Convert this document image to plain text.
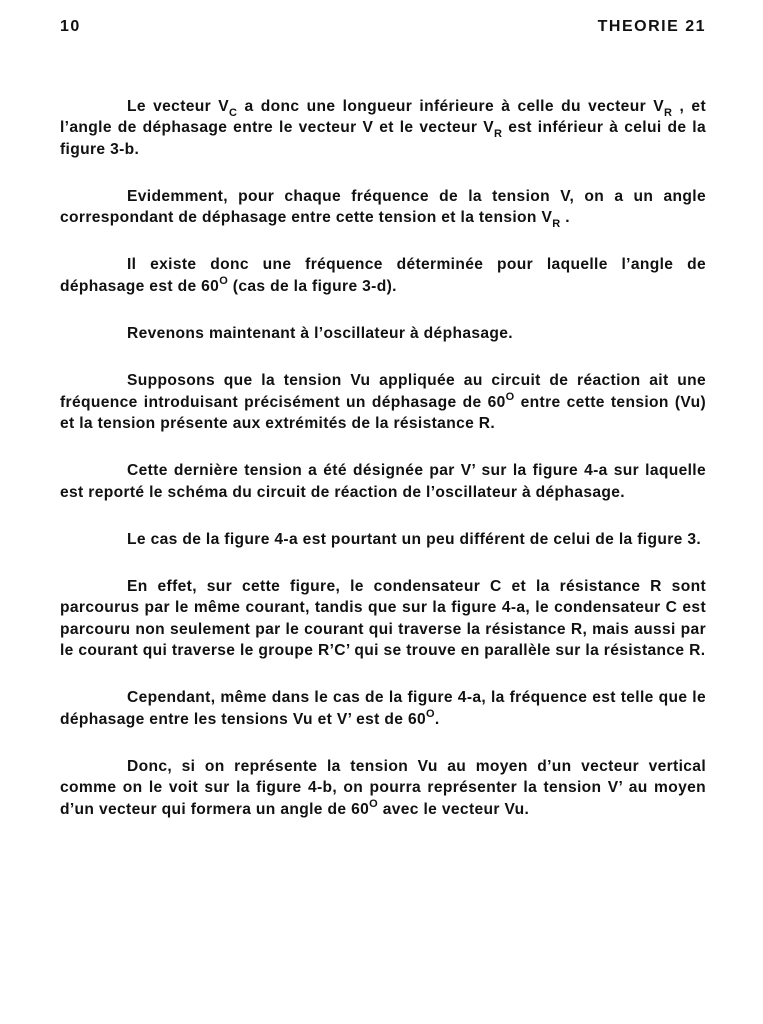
10	THEORIE 21

Le vecteur $V_C$ a donc une longueur inférieure à celle du vecteur $V_R$ , et l’angle de déphasage entre le vecteur V et le vecteur $V_R$ est inférieur à celui de la figure 3-b.

Evidemment, pour chaque fréquence de la tension V, on a un angle correspondant de déphasage entre cette tension et la tension $V_R$ .

Il existe donc une fréquence déterminée pour laquelle l’angle de déphasage est de $60^O$ (cas de la figure 3-d).

Revenons maintenant à l’oscillateur à déphasage.

Supposons que la tension Vu appliquée au circuit de réaction ait une fréquence introduisant précisément un déphasage de $60^O$ entre cette tension (Vu) et la tension présente aux extrémités de la résistance R.

Cette dernière tension a été désignée par V’ sur la figure 4-a sur laquelle est reporté le schéma du circuit de réaction de l’oscillateur à déphasage.

Le cas de la figure 4-a est pourtant un peu différent de celui de la figure 3.

En effet, sur cette figure, le condensateur C et la résistance R sont parcourus par le même courant, tandis que sur la figure 4-a, le condensateur C est parcouru non seulement par le courant qui traverse la résistance R, mais aussi par le courant qui traverse le groupe R’C’ qui se trouve en parallèle sur la résistance R.

Cependant, même dans le cas de la figure 4-a, la fréquence est telle que le déphasage entre les tensions Vu et V’ est de $60^O$.

Donc, si on représente la tension Vu au moyen d’un vecteur vertical comme on le voit sur la figure 4-b, on pourra représenter la tension V’ au moyen d’un vecteur qui formera un angle de $60^O$ avec le vecteur Vu.
